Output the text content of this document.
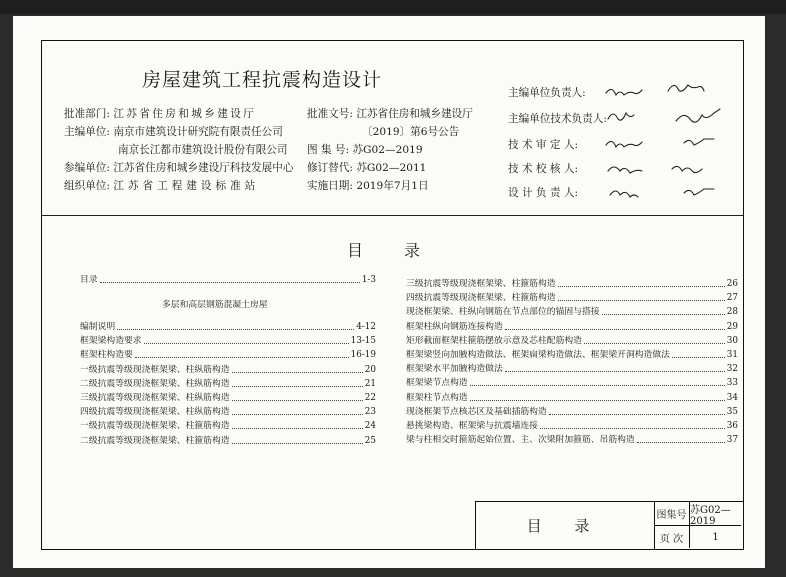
房屋建筑工程抗震构造设计
批准部门: 江苏省住房和城乡建设厅
主编单位: 南京市建筑设计研究院有限责任公司
南京长江都市建筑设计股份有限公司
参编单位: 江苏省住房和城乡建设厅科技发展中心
组织单位: 江苏省工程建设标准站
批准文号: 江苏省住房和城乡建设厅
〔2019〕第6号公告
图 集 号: 苏G02—2019
修订替代: 苏G02—2011
实施日期: 2019年7月1日
主编单位负责人:
主编单位技术负责人:
技 术 审 定 人:
技 术 校 核 人:
设 计 负 责 人:
目 录
目录	1-3
多层和高层钢筋混凝土房屋
编制说明	4-12
框架梁构造要求	13-15
框架柱构造要	16-19
一级抗震等级现浇框架梁、柱纵筋构造	20
二级抗震等级现浇框架梁、柱纵筋构造	21
三级抗震等级现浇框架梁、柱纵筋构造	22
四级抗震等级现浇框架梁、柱纵筋构造	23
一级抗震等级现浇框架梁、柱箍筋构造	24
二级抗震等级现浇框架梁、柱箍筋构造	25
三级抗震等级现浇框架梁、柱箍筋构造	26
四级抗震等级现浇框架梁、柱箍筋构造	27
现浇框架梁、柱纵向钢筋在节点部位的锚固与搭接	28
框架柱纵向钢筋连接构造	29
矩形截面框架柱箍筋摆放示意及芯柱配筋构造	30
框架梁竖向加腋构造做法、框架扁梁构造做法、框架梁开洞构造做法	31
框架梁水平加腋构造做法	32
框架梁节点构造	33
框架柱节点构造	34
现浇框架节点核芯区及基础插筋构造	35
悬挑梁构造、框架梁与抗震墙连接	36
梁与柱相交时箍筋起始位置、主、次梁附加箍筋、吊筋构造	37
目 录
图集号 苏G02—2019
页 次	1
